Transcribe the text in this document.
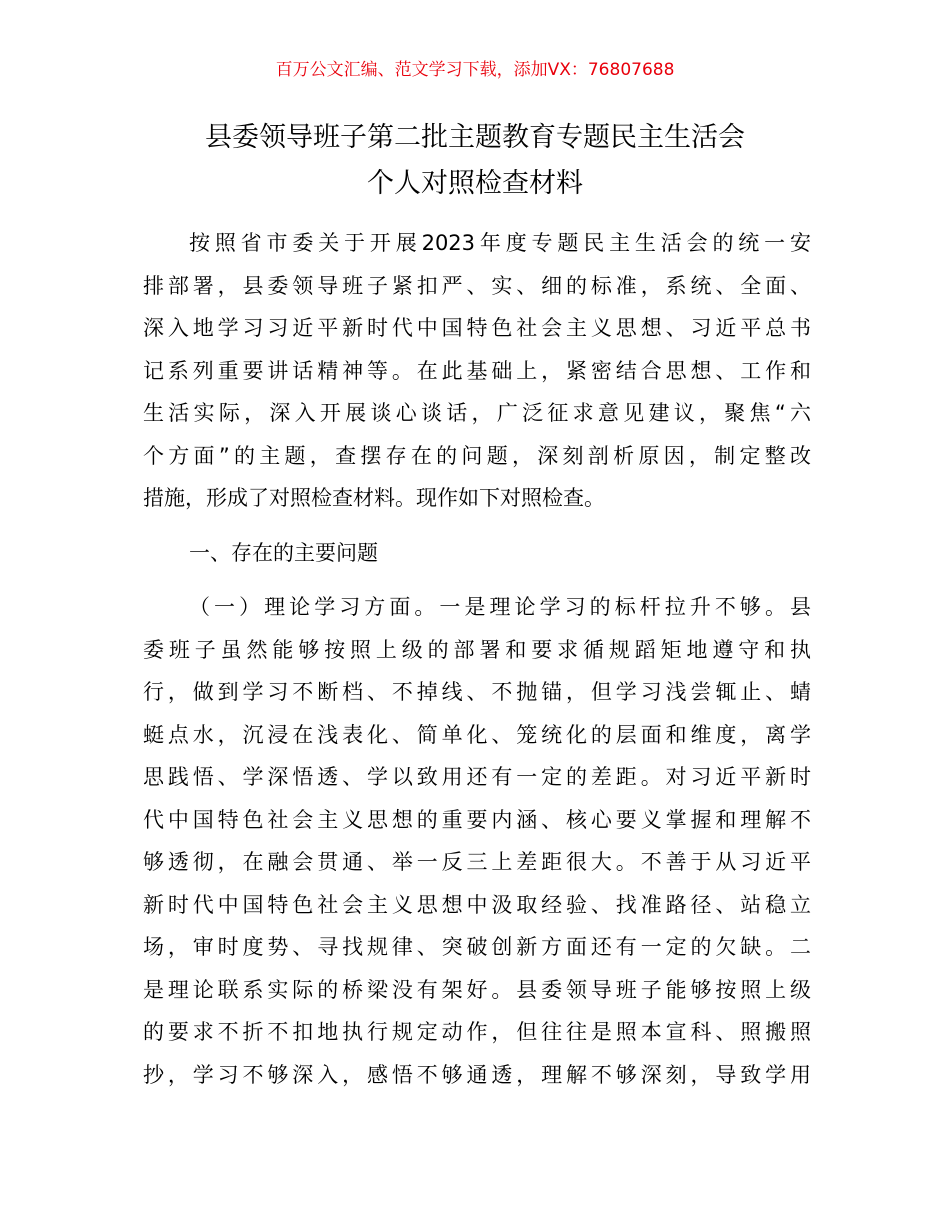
百万公文汇编、范文学习下载，添加VX：76807688
县委领导班子第二批主题教育专题民主生活会
个人对照检查材料
按照省市委关于开展2023年度专题民主生活会的统一安
排部署，县委领导班子紧扣严、实、细的标准，系统、全面、
深入地学习习近平新时代中国特色社会主义思想、习近平总书
记系列重要讲话精神等。在此基础上，紧密结合思想、工作和
生活实际，深入开展谈心谈话，广泛征求意见建议，聚焦“六
个方面”的主题，查摆存在的问题，深刻剖析原因，制定整改
措施，形成了对照检查材料。现作如下对照检查。
一、存在的主要问题
（一）理论学习方面。一是理论学习的标杆拉升不够。县
委班子虽然能够按照上级的部署和要求循规蹈矩地遵守和执
行，做到学习不断档、不掉线、不抛锚，但学习浅尝辄止、蜻
蜓点水，沉浸在浅表化、简单化、笼统化的层面和维度，离学
思践悟、学深悟透、学以致用还有一定的差距。对习近平新时
代中国特色社会主义思想的重要内涵、核心要义掌握和理解不
够透彻，在融会贯通、举一反三上差距很大。不善于从习近平
新时代中国特色社会主义思想中汲取经验、找准路径、站稳立
场，审时度势、寻找规律、突破创新方面还有一定的欠缺。二
是理论联系实际的桥梁没有架好。县委领导班子能够按照上级
的要求不折不扣地执行规定动作，但往往是照本宣科、照搬照
抄，学习不够深入，感悟不够通透，理解不够深刻，导致学用
